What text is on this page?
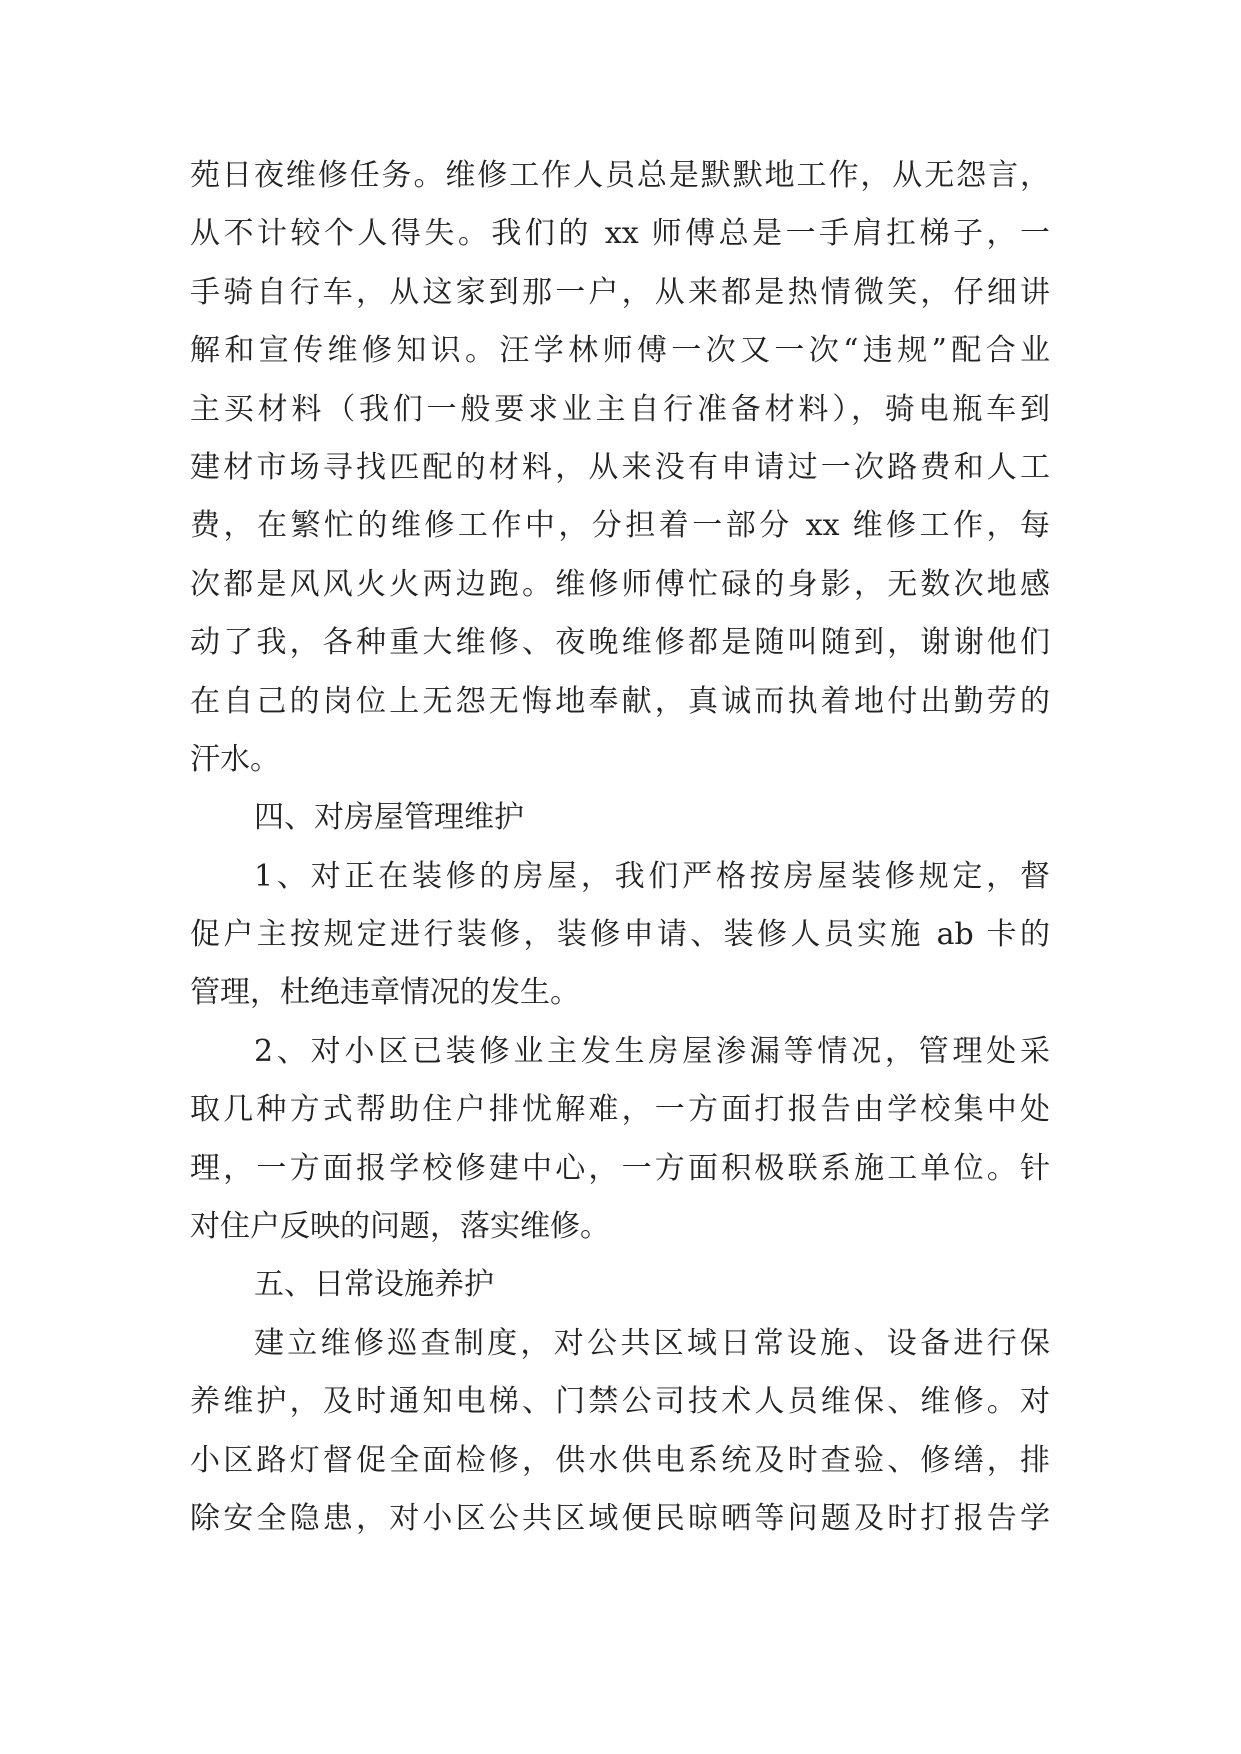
苑日夜维修任务。维修工作人员总是默默地工作，从无怨言，
从不计较个人得失。我们的 xx 师傅总是一手肩扛梯子，一
手骑自行车，从这家到那一户，从来都是热情微笑，仔细讲
解和宣传维修知识。汪学林师傅一次又一次“违规”配合业
主买材料（我们一般要求业主自行准备材料），骑电瓶车到
建材市场寻找匹配的材料，从来没有申请过一次路费和人工
费，在繁忙的维修工作中，分担着一部分 xx 维修工作，每
次都是风风火火两边跑。维修师傅忙碌的身影，无数次地感
动了我，各种重大维修、夜晚维修都是随叫随到，谢谢他们
在自己的岗位上无怨无悔地奉献，真诚而执着地付出勤劳的
汗水。
四、对房屋管理维护
1、对正在装修的房屋，我们严格按房屋装修规定，督
促户主按规定进行装修，装修申请、装修人员实施 ab 卡的
管理，杜绝违章情况的发生。
2、对小区已装修业主发生房屋渗漏等情况，管理处采
取几种方式帮助住户排忧解难，一方面打报告由学校集中处
理，一方面报学校修建中心，一方面积极联系施工单位。针
对住户反映的问题，落实维修。
五、日常设施养护
建立维修巡查制度，对公共区域日常设施、设备进行保
养维护，及时通知电梯、门禁公司技术人员维保、维修。对
小区路灯督促全面检修，供水供电系统及时查验、修缮，排
除安全隐患，对小区公共区域便民晾晒等问题及时打报告学
